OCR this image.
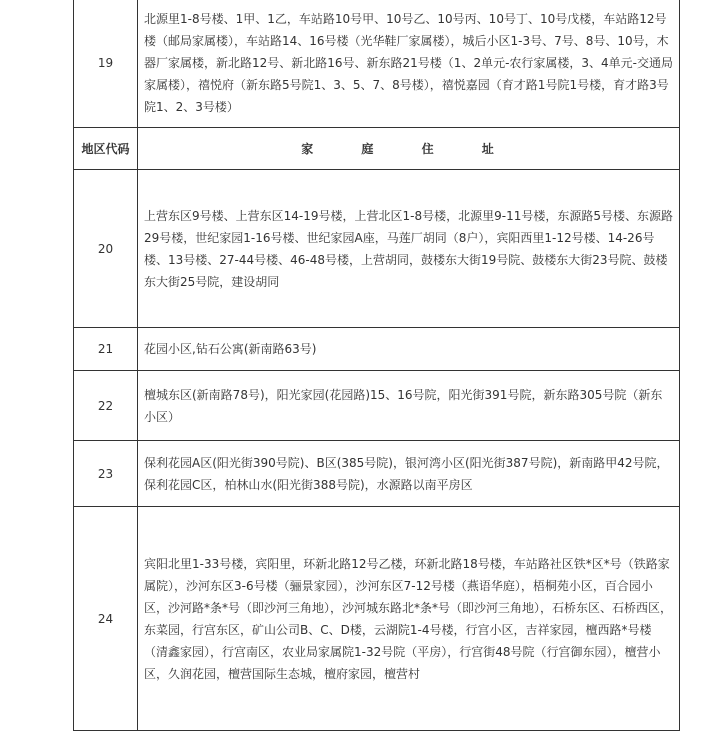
19	北源里1-8号楼、1甲、1乙，车站路10号甲、10号乙、10号丙、10号丁、10号戊楼，车站路12号楼（邮局家属楼），车站路14、16号楼（光华鞋厂家属楼），城后小区1-3号、7号、8号、10号，木器厂家属楼，新北路12号、新北路16号、新东路21号楼（1、2单元-农行家属楼，3、4单元-交通局家属楼），禧悦府（新东路5号院1、3、5、7、8号楼），禧悦嘉园（育才路1号院1号楼，育才路3号院1、2、3号楼）
地区代码	家 庭 住 址
20	上营东区9号楼、上营东区14-19号楼，上营北区1-8号楼，北源里9-11号楼，东源路5号楼、东源路29号楼，世纪家园1-16号楼、世纪家园A座，马莲厂胡同（8户），宾阳西里1-12号楼、14-26号楼、13号楼、27-44号楼、46-48号楼，上营胡同，鼓楼东大街19号院、鼓楼东大街23号院、鼓楼东大街25号院，建设胡同
21	花园小区,钻石公寓(新南路63号)
22	檀城东区(新南路78号)，阳光家园(花园路)15、16号院，阳光街391号院，新东路305号院（新东小区）
23	保利花园A区(阳光街390号院)、B区(385号院)，银河湾小区(阳光街387号院)，新南路甲42号院，保利花园C区，柏林山水(阳光街388号院)，水源路以南平房区
24	宾阳北里1-33号楼，宾阳里，环新北路12号乙楼，环新北路18号楼，车站路社区铁*区*号（铁路家属院），沙河东区3-6号楼（骊景家园），沙河东区7-12号楼（燕语华庭），梧桐苑小区，百合园小区，沙河路*条*号（即沙河三角地），沙河城东路北*条*号（即沙河三角地），石桥东区、石桥西区，东菜园，行宫东区，矿山公司B、C、D楼，云湖院1-4号楼，行宫小区，吉祥家园，檀西路*号楼（清鑫家园），行宫南区，农业局家属院1-32号院（平房），行宫街48号院（行宫御东园），檀营小区，久润花园，檀营国际生态城，檀府家园，檀营村
